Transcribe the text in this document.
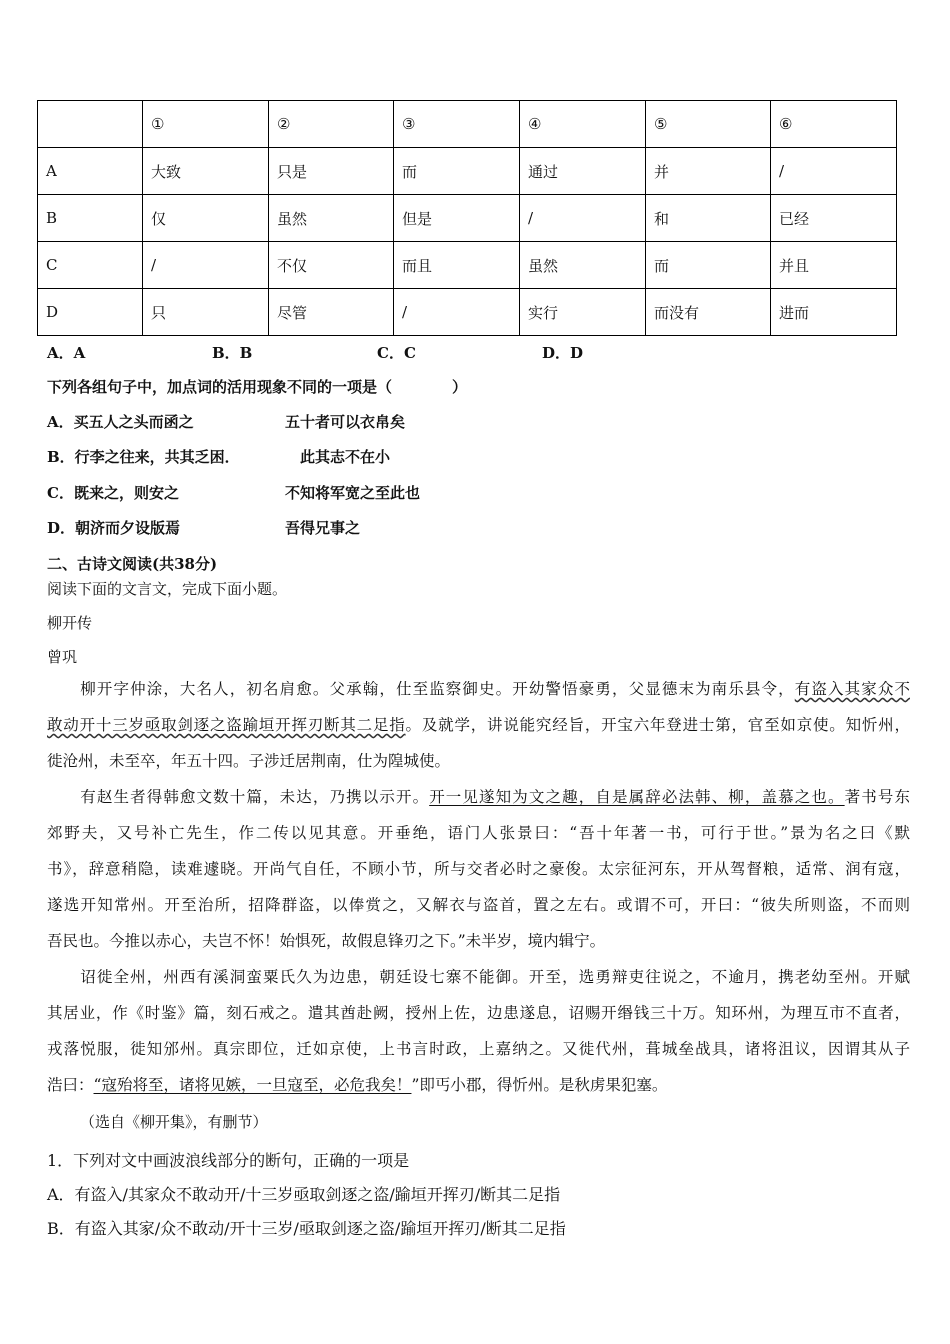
	①	②	③	④	⑤	⑥
A	大致	只是	而	通过	并	/
B	仅	虽然	但是	/	和	已经
C	/	不仅	而且	虽然	而	并且
D	只	尽管	/	实行	而没有	进而
A．A	B．B	C．C	D．D
下列各组句子中，加点词的活用现象不同的一项是（　　　　）
A．买五人之头而函之	五十者可以衣帛矣
B．行李之往来，共其乏困．	此其志不在小
C．既来之，则安之	不知将军宽之至此也
D．朝济而夕设版焉	吾得兄事之
二、古诗文阅读(共38分)
阅读下面的文言文，完成下面小题。
柳开传
曾巩
　　柳开字仲涂，大名人，初名肩愈。父承翰，仕至监察御史。开幼警悟豪勇，父显德末为南乐县令，有盗入其家众不
敢动开十三岁亟取剑逐之盗踰垣开挥刃断其二足指。及就学，讲说能究经旨，开宝六年登进士第，官至如京使。知忻州，
徙沧州，未至卒，年五十四。子涉迁居荆南，仕为隍城使。
　　有赵生者得韩愈文数十篇，未达，乃携以示开。开一见遂知为文之趣，自是属辞必法韩、柳，盖慕之也。著书号东
郊野夫，又号补亡先生，作二传以见其意。开垂绝，语门人张景曰：“吾十年著一书，可行于世。”景为名之曰《默
书》，辞意稍隐，读难遽晓。开尚气自任，不顾小节，所与交者必时之豪俊。太宗征河东，开从驾督粮，适常、润有寇，
遂选开知常州。开至治所，招降群盗，以俸赏之，又解衣与盗首，置之左右。或谓不可，开曰：“彼失所则盗，不而则
吾民也。今推以赤心，夫岂不怀！始惧死，故假息锋刃之下。”未半岁，境内辑宁。
　　诏徙全州，州西有溪洞蛮粟氏久为边患，朝廷设七寨不能御。开至，选勇辩吏往说之，不逾月，携老幼至州。开赋
其居业，作《时鉴》篇，刻石戒之。遣其酋赴阙，授州上佐，边患遂息，诏赐开缗钱三十万。知环州，为理互市不直者，
戎落悦服，徙知邠州。真宗即位，迁如京使，上书言时政，上嘉纳之。又徙代州，葺城垒战具，诸将沮议，因谓其从子
浩曰：“寇殆将至，诸将见嫉，一旦寇至，必危我矣！”即丐小郡，得忻州。是秋虏果犯塞。
（选自《柳开集》，有删节）
1．下列对文中画波浪线部分的断句，正确的一项是
A．有盗入/其家众不敢动开/十三岁亟取剑逐之盗/踰垣开挥刃/断其二足指
B．有盗入其家/众不敢动/开十三岁/亟取剑逐之盗/踰垣开挥刃/断其二足指
